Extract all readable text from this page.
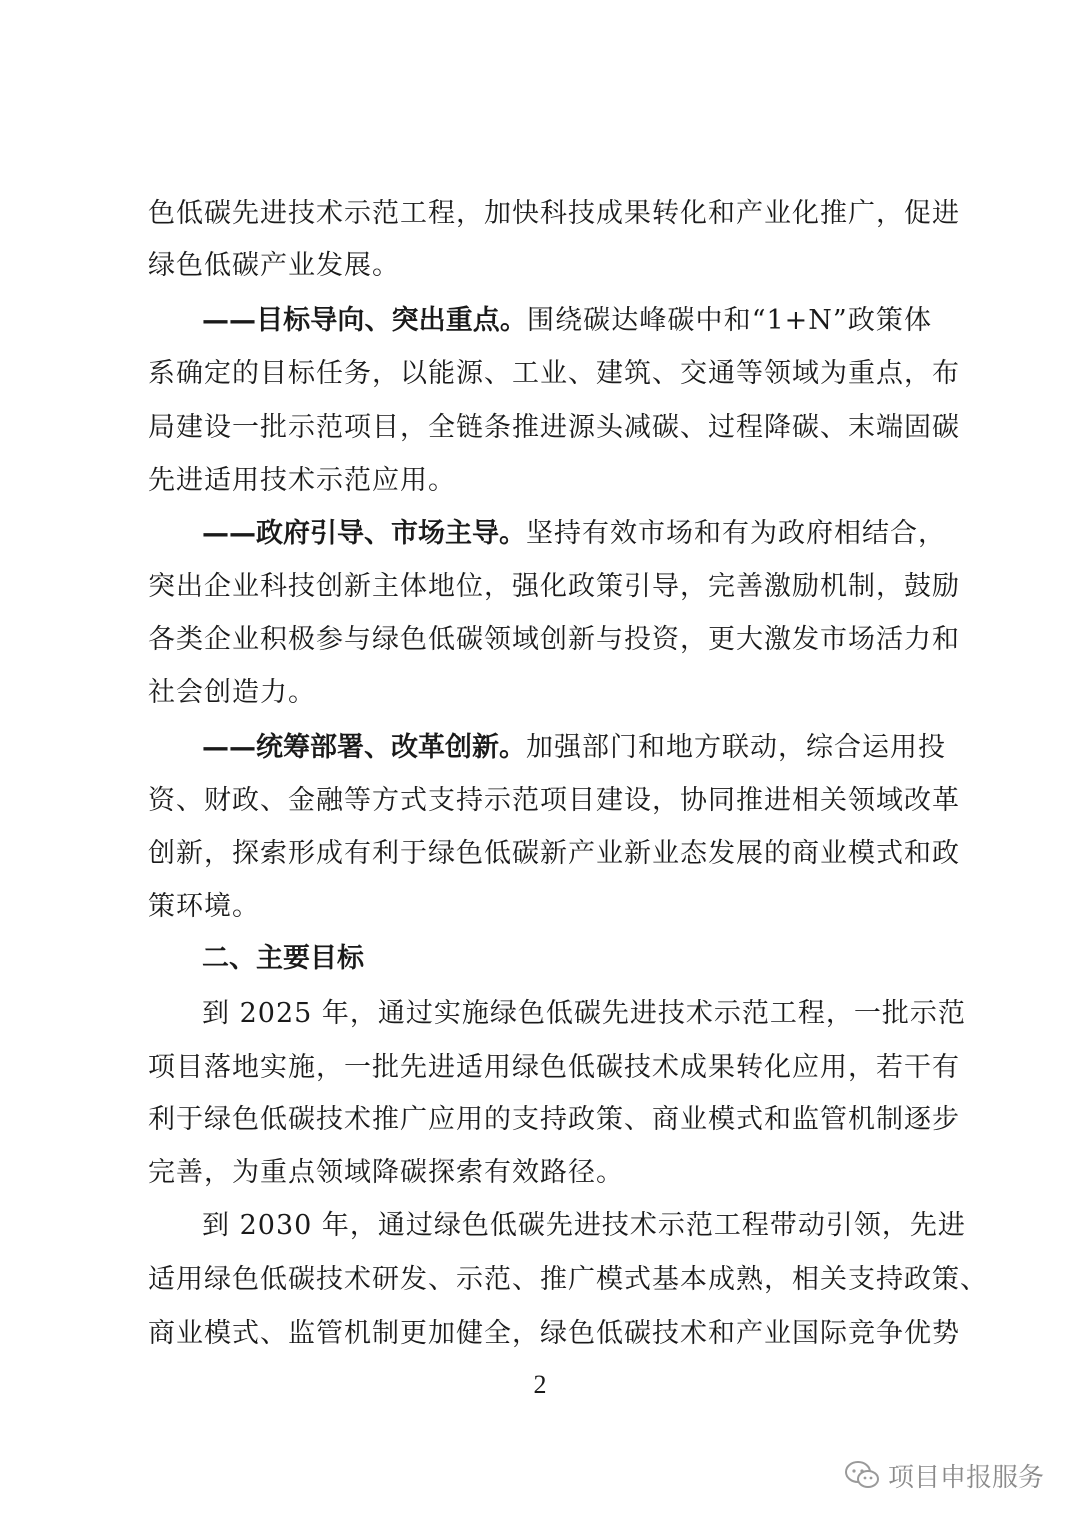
色低碳先进技术示范工程，加快科技成果转化和产业化推广，促进
绿色低碳产业发展。
——目标导向、突出重点。围绕碳达峰碳中和“1+N”政策体
系确定的目标任务，以能源、工业、建筑、交通等领域为重点，布
局建设一批示范项目，全链条推进源头减碳、过程降碳、末端固碳
先进适用技术示范应用。
——政府引导、市场主导。坚持有效市场和有为政府相结合，
突出企业科技创新主体地位，强化政策引导，完善激励机制，鼓励
各类企业积极参与绿色低碳领域创新与投资，更大激发市场活力和
社会创造力。
——统筹部署、改革创新。加强部门和地方联动，综合运用投
资、财政、金融等方式支持示范项目建设，协同推进相关领域改革
创新，探索形成有利于绿色低碳新产业新业态发展的商业模式和政
策环境。
二、主要目标
到 2025 年，通过实施绿色低碳先进技术示范工程，一批示范
项目落地实施，一批先进适用绿色低碳技术成果转化应用，若干有
利于绿色低碳技术推广应用的支持政策、商业模式和监管机制逐步
完善，为重点领域降碳探索有效路径。
到 2030 年，通过绿色低碳先进技术示范工程带动引领，先进
适用绿色低碳技术研发、示范、推广模式基本成熟，相关支持政策、
商业模式、监管机制更加健全，绿色低碳技术和产业国际竞争优势
2
项目申报服务
